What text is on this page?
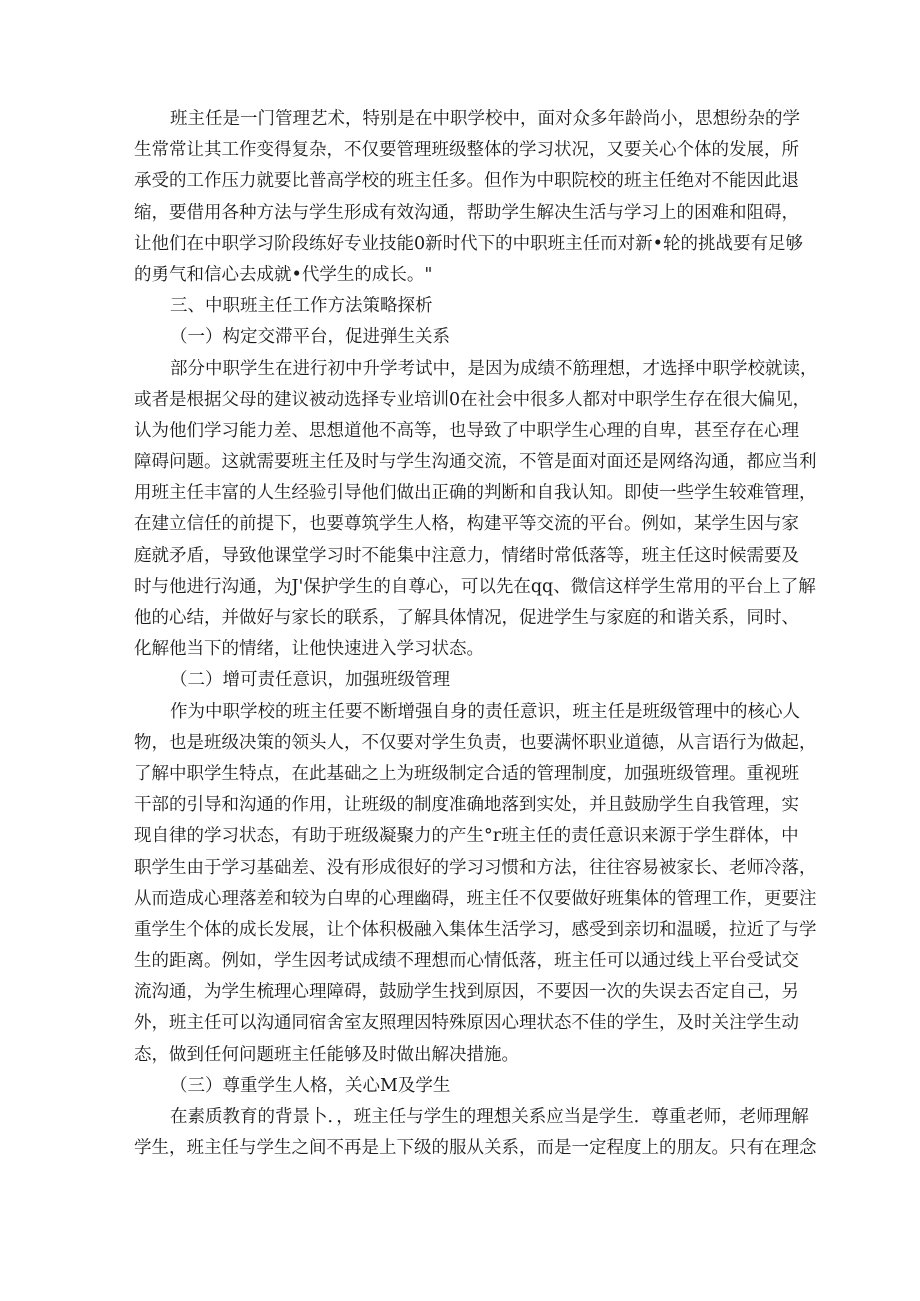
班主任是一门管理艺术，特别是在中职学校中，面对众多年龄尚小，思想纷杂的学
生常常让其工作变得复杂，不仅要管理班级整体的学习状况，又要关心个体的发展，所
承受的工作压力就要比普高学校的班主任多。但作为中职院校的班主任绝对不能因此退
缩，要借用各种方法与学生形成有效沟通，帮助学生解决生活与学习上的困难和阻碍，
让他们在中职学习阶段练好专业技能0新时代下的中职班主任而对新•轮的挑战要有足够
的勇气和信心去成就•代学生的成长。"
三、中职班主任工作方法策略探析
（一）构定交滞平台，促进弹生关系
部分中职学生在进行初中升学考试中，是因为成绩不筋理想，才选择中职学校就读，
或者是根据父母的建议被动选择专业培训0在社会中很多人都对中职学生存在很大偏见，
认为他们学习能力差、思想道他不高等，也导致了中职学生心理的自卑，甚至存在心理
障碍问题。这就需要班主任及时与学生沟通交流，不管是面对面还是网络沟通，都应当利
用班主任丰富的人生经验引导他们做出正确的判断和自我认知。即使一些学生较难管理，
在建立信任的前提下，也要尊筑学生人格，构建平等交流的平台。例如，某学生因与家
庭就矛盾，导致他课堂学习时不能集中注意力，情绪时常低落等，班主任这时候需要及
时与他进行沟通，为J'保护学生的自尊心，可以先在qq、微信这样学生常用的平台上了解
他的心结，并做好与家长的联系，了解具体情况，促进学生与家庭的和谐关系，同时、
化解他当下的情绪，让他快速进入学习状态。
（二）增可责任意识，加强班级管理
作为中职学校的班主任要不断增强自身的责任意识，班主任是班级管理中的核心人
物，也是班级决策的领头人，不仅要对学生负责，也要满怀职业道德，从言语行为做起，
了解中职学生特点，在此基础之上为班级制定合适的管理制度，加强班级管理。重视班
干部的引导和沟通的作用，让班级的制度准确地落到实处，并且鼓励学生自我管理，实
现自律的学习状态，有助于班级凝聚力的产生°r班主任的责任意识来源于学生群体，中
职学生由于学习基础差、没有形成很好的学习习惯和方法，往往容易被家长、老师冷落，
从而造成心理落差和较为白卑的心理幽碍，班主任不仅要做好班集体的管理工作，更要注
重学生个体的成长发展，让个体积极融入集体生活学习，感受到亲切和温暖，拉近了与学
生的距离。例如，学生因考试成绩不理想而心情低落，班主任可以通过线上平台受试交
流沟通，为学生梳理心理障碍，鼓励学生找到原因，不要因一次的失误去否定自己，另
外，班主任可以沟通同宿舍室友照理因特殊原因心理状态不佳的学生，及时关注学生动
态，做到任何问题班主任能够及时做出解决措施。
（三）尊重学生人格，关心M及学生
在素质教育的背景卜．，班主任与学生的理想关系应当是学生．尊重老师，老师理解
学生，班主任与学生之间不再是上下级的服从关系，而是一定程度上的朋友。只有在理念
